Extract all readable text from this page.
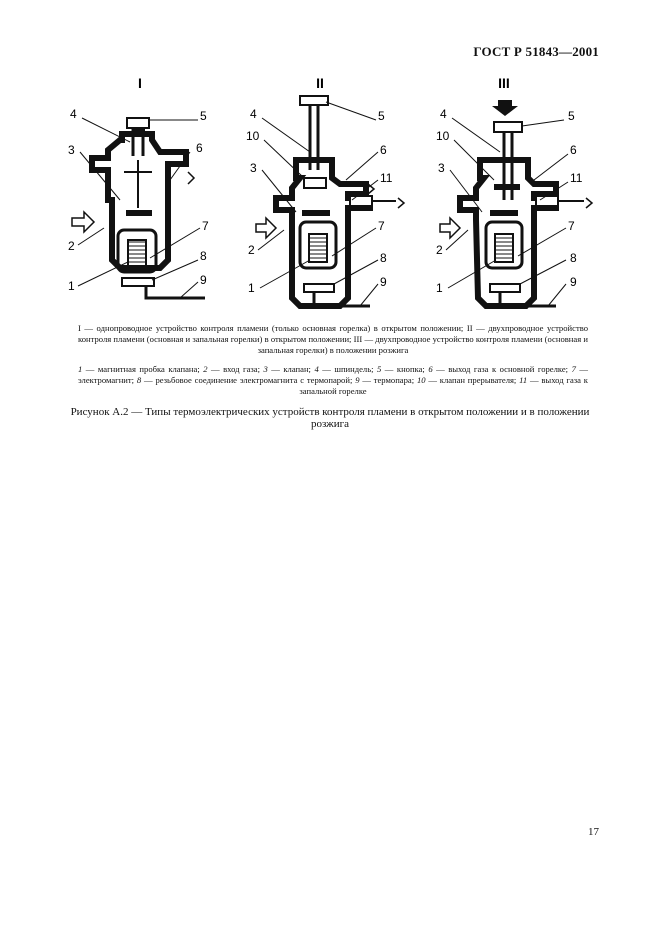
ГОСТ Р 51843—2001
I
4	5
3	6
2
7
1
8
9
II
4	5
10
3
6
11
2
7
1
8
9
III
4	5
10
3
6
11
2
7
1
8
9
I — однопроводное устройство контроля пламени (только основная горелка) в открытом положении; II — двухпроводное устройство контроля пламени (основная и запальная горелки) в открытом положении; III — двухпроводное устройство контроля пламени (основная и запальная горелки) в положении розжига
1 — магнитная пробка клапана; 2 — вход газа; 3 — клапан; 4 — шпиндель; 5 — кнопка; 6 — выход газа к основной горелке; 7 — электромагнит; 8 — резьбовое соединение электромагнита с термопарой; 9 — термопара; 10 — клапан прерывателя; 11 — выход газа к запальной горелке
Рисунок А.2 — Типы термоэлектрических устройств контроля пламени в открытом положении и в положении розжига
17
